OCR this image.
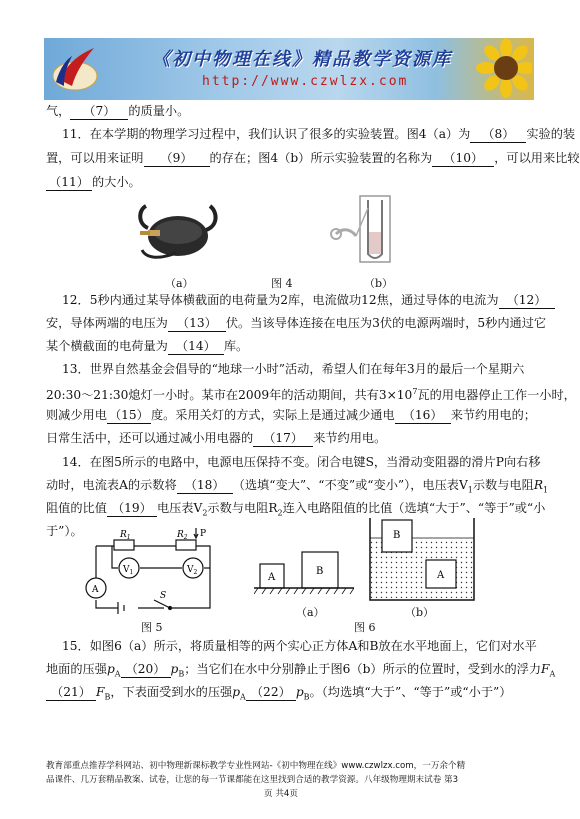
《初中物理在线》精品教学资源库
http://www.czwlzx.com
气， （7） 的质量小。
11．在本学期的物理学习过程中，我们认识了很多的实验装置。图4（a）为 （8） 实验的装
置，可以用来证明 （9） 的存在；图4（b）所示实验装置的名称为 （10） ，可以用来比较
（11） 的大小。
（a）	图 4	（b）
12．5秒内通过某导体横截面的电荷量为2库，电流做功12焦，通过导体的电流为 （12）
安，导体两端的电压为 （13） 伏。当该导体连接在电压为3伏的电源两端时，5秒内通过它
某个横截面的电荷量为 （14） 库。
13．世界自然基金会倡导的“地球一小时”活动，希望人们在每年3月的最后一个星期六
20:30～21:30熄灯一小时。某市在2009年的活动期间，共有$3\times 10^7$瓦的用电器停止工作一小时，
则减少用电 （15） 度。采用关灯的方式，实际上是通过减少通电 （16） 来节约用电的；
日常生活中，还可以通过减小用电器的 （17） 来节约用电。
14．在图5所示的电路中，电源电压保持不变。闭合电键S，当滑动变阻器的滑片P向右移
动时，电流表A的示数将 （18） （选填“变大”、“不变”或“变小”），电压表$V_1$示数与电阻$R_1$
阻值的比值 （19） 电压表$V_2$示数与电阻$R_2$连入电路阻值的比值（选填“大于”、“等于”或“小
于”）。	$R_1$	$R_2$ P
$V_1$	$V_2$
A
S
图 5
A
B
（a）
B
A
（b）
图 6
15．如图6（a）所示，将质量相等的两个实心正方体A和B放在水平地面上，它们对水平
地面的压强$p_A$ （20） $p_B$；当它们在水中分别静止于图6（b）所示的位置时，受到水的浮力$F_A$
（21） $F_B$，下表面受到水的压强$p_A$ （22） $p_B$。（均选填“大于”、“等于”或“小于”）
教育部重点推荐学科网站、初中物理新课标教学专业性网站-《初中物理在线》www.czwlzx.com，一万余个精
品课件、几万套精品教案、试卷，让您的每一节课都能在这里找到合适的教学资源。八年级物理期末试卷 第3
页 共4页
